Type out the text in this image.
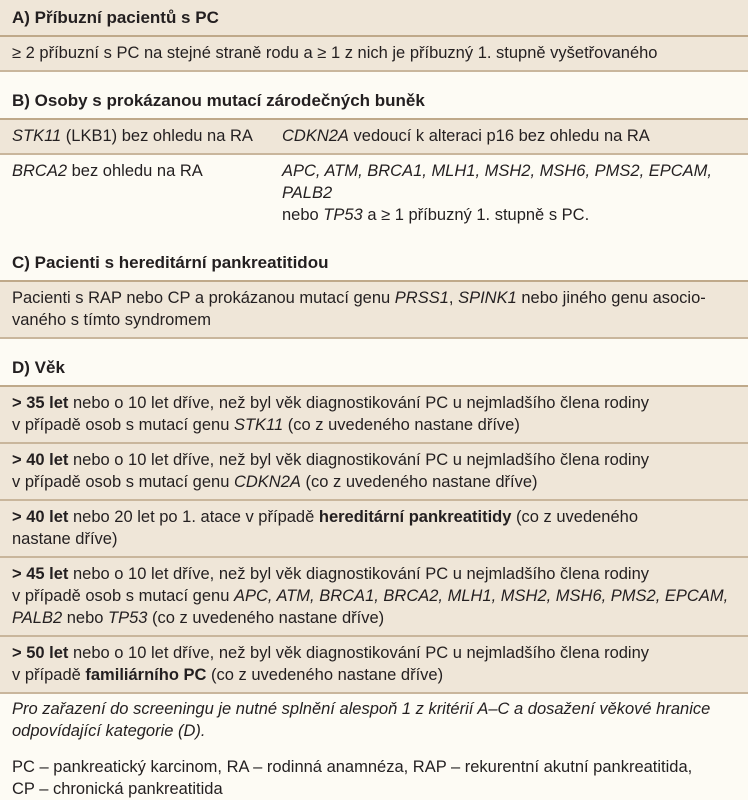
A) Příbuzní pacientů s PC
≥ 2 příbuzní s PC na stejné straně rodu a ≥ 1 z nich je příbuzný 1. stupně vyšetřovaného
B) Osoby s prokázanou mutací zárodečných buněk
STK11 (LKB1) bez ohledu na RA	CDKN2A vedoucí k alteraci p16 bez ohledu na RA
BRCA2 bez ohledu na RA	APC, ATM, BRCA1, MLH1, MSH2, MSH6, PMS2, EPCAM, PALB2
nebo TP53 a ≥ 1 příbuzný 1. stupně s PC.
C) Pacienti s hereditární pankreatitidou
Pacienti s RAP nebo CP a prokázanou mutací genu PRSS1, SPINK1 nebo jiného genu asocio-
vaného s tímto syndromem
D) Věk
> 35 let nebo o 10 let dříve, než byl věk diagnostikování PC u nejmladšího člena rodiny
v případě osob s mutací genu STK11 (co z uvedeného nastane dříve)
> 40 let nebo o 10 let dříve, než byl věk diagnostikování PC u nejmladšího člena rodiny
v případě osob s mutací genu CDKN2A (co z uvedeného nastane dříve)
> 40 let nebo 20 let po 1. atace v případě hereditární pankreatitidy (co z uvedeného
nastane dříve)
> 45 let nebo o 10 let dříve, než byl věk diagnostikování PC u nejmladšího člena rodiny
v případě osob s mutací genu APC, ATM, BRCA1, BRCA2, MLH1, MSH2, MSH6, PMS2, EPCAM,
PALB2 nebo TP53 (co z uvedeného nastane dříve)
> 50 let nebo o 10 let dříve, než byl věk diagnostikování PC u nejmladšího člena rodiny
v případě familiárního PC (co z uvedeného nastane dříve)
Pro zařazení do screeningu je nutné splnění alespoň 1 z kritérií A–C a dosažení věkové hranice
odpovídající kategorie (D).
PC – pankreatický karcinom, RA – rodinná anamnéza, RAP – rekurentní akutní pankreatitida,
CP – chronická pankreatitida
